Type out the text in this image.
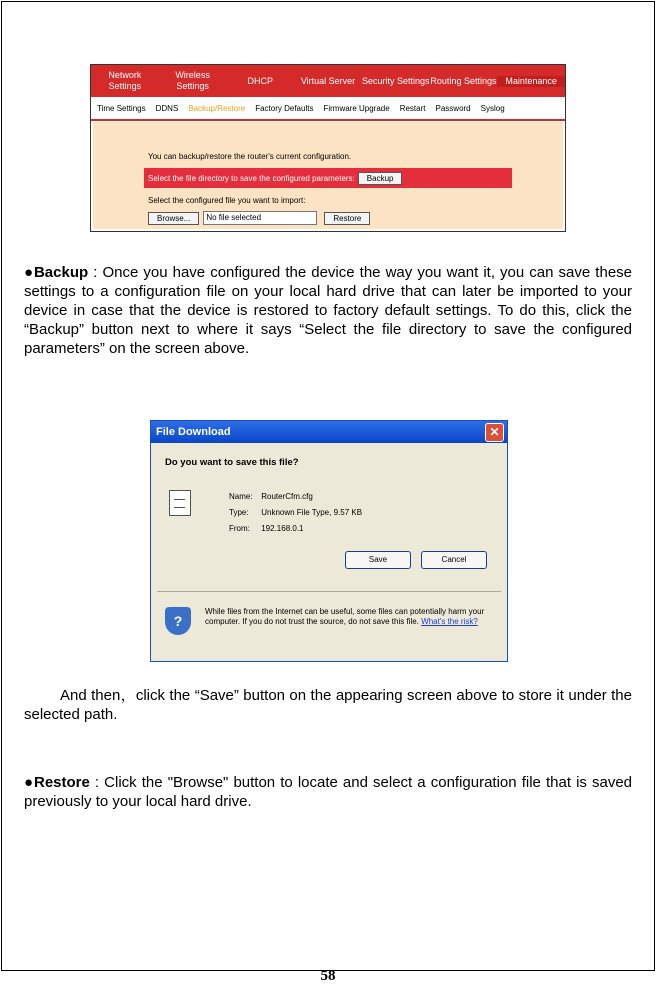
Network Settings
Wireless Settings
DHCP	Virtual Server Security Settings Routing Settings Maintenance
Time Settings DDNS Backup/Restore Factory Defaults Firmware Upgrade Restart Password Syslog
You can backup/restore the router's current configuration.
Select the file directory to save the configured parameters:	Backup
Select the configured file you want to import:
Browse...	No file selected	Restore
●Backup : Once you have configured the device the way you want it, you can save these settings to a configuration file on your local hard drive that can later be imported to your device in case that the device is restored to factory default settings. To do this, click the “Backup” button next to where it says “Select the file directory to save the configured parameters” on the screen above.
File Download	✕
Do you want to save this file?
Name: RouterCfm.cfg
Type: Unknown File Type, 9.57 KB
From: 192.168.0.1
Save	Cancel
?
While files from the Internet can be useful, some files can potentially harm your computer. If you do not trust the source, do not save this file. What's the risk?
And then，click the “Save” button on the appearing screen above to store it under the selected path.
●Restore : Click the "Browse" button to locate and select a configuration file that is saved previously to your local hard drive.
58
